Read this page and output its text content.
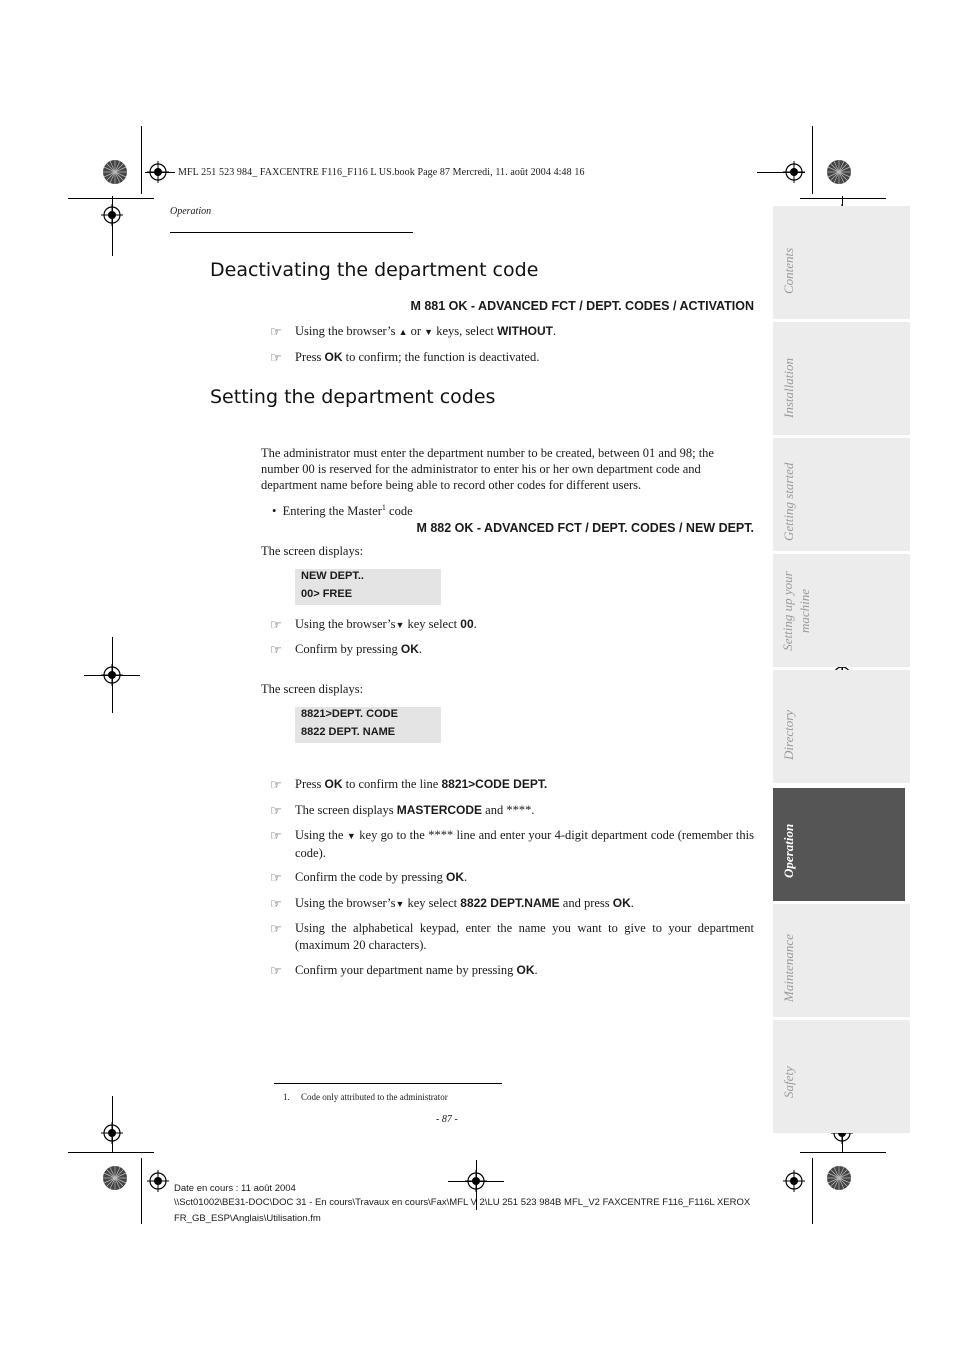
MFL 251 523 984_ FAXCENTRE F116_F116 L US.book Page 87 Mercredi, 11. août 2004 4:48 16
Operation
Deactivating the department code
M 881 OK - ADVANCED FCT / DEPT. CODES / ACTIVATION
☞	Using the browser’s ▲ or ▼ keys, select WITHOUT.
☞	Press OK to confirm; the function is deactivated.
Setting the department codes
The administrator must enter the department number to be created, between 01 and 98; the number 00 is reserved for the administrator to enter his or her own department code and department name before being able to record other codes for different users.
• Entering the Master$^1$ code
M 882 OK - ADVANCED FCT / DEPT. CODES / NEW DEPT.
The screen displays:
NEW DEPT..
00> FREE
☞	Using the browser’s▼ key select 00.
☞	Confirm by pressing OK.
The screen displays:
8821>DEPT. CODE
8822 DEPT. NAME
☞	Press OK to confirm the line 8821>CODE DEPT.
☞	The screen displays MASTERCODE and ****.
☞	Using the ▼ key go to the **** line and enter your 4-digit department code (remember this code).
☞	Confirm the code by pressing OK.
☞	Using the browser’s▼ key select 8822 DEPT.NAME and press OK.
☞	Using the alphabetical keypad, enter the name you want to give to your department (maximum 20 characters).
☞	Confirm your department name by pressing OK.
1. Code only attributed to the administrator
- 87 -
Date en cours : 11 août 2004
\\Sct01002\BE31-DOC\DOC 31 - En cours\Travaux en cours\Fax\MFL V 2\LU 251 523 984B MFL_V2 FAXCENTRE F116_F116L XEROX
FR_GB_ESP\Anglais\Utilisation.fm
Contents
Installation
Getting started
Setting up your machine
Directory
Operation
Maintenance
Safety
